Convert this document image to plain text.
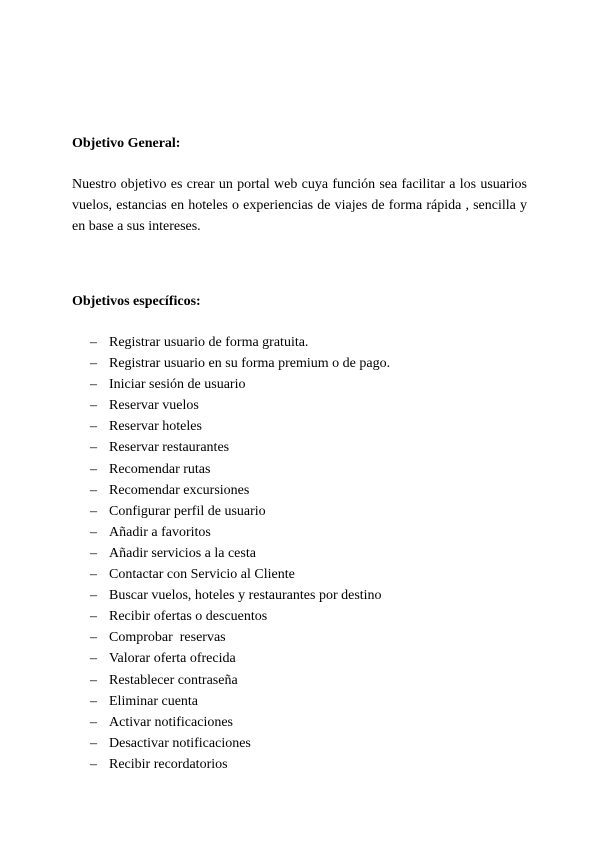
Objetivo General:

Nuestro objetivo es crear un portal web cuya función sea facilitar a los usuarios vuelos, estancias en hoteles o experiencias de viajes de forma rápida , sencilla y en base a sus intereses.

Objetivos específicos:
– Registrar usuario de forma gratuita.
– Registrar usuario en su forma premium o de pago.
– Iniciar sesión de usuario
– Reservar vuelos
– Reservar hoteles
– Reservar restaurantes
– Recomendar rutas
– Recomendar excursiones
– Configurar perfil de usuario
– Añadir a favoritos
– Añadir servicios a la cesta
– Contactar con Servicio al Cliente
– Buscar vuelos, hoteles y restaurantes por destino
– Recibir ofertas o descuentos
– Comprobar  reservas
– Valorar oferta ofrecida
– Restablecer contraseña
– Eliminar cuenta
– Activar notificaciones
– Desactivar notificaciones
– Recibir recordatorios
